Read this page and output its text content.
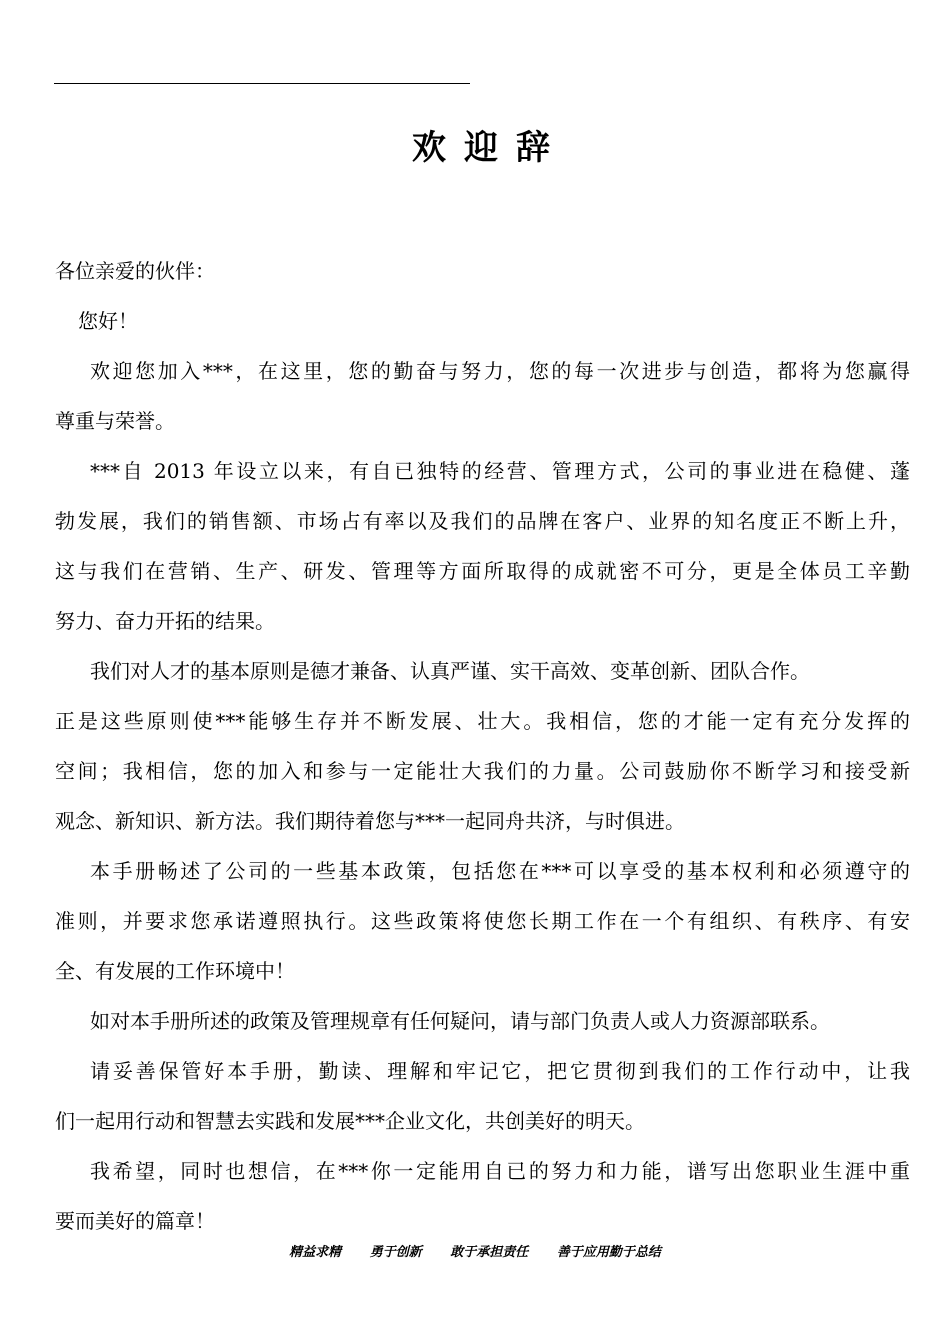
欢迎辞
各位亲爱的伙伴：
您好！
欢迎您加入***，在这里，您的勤奋与努力，您的每一次进步与创造，都将为您赢得
尊重与荣誉。
***自 2013 年设立以来，有自已独特的经营、管理方式，公司的事业进在稳健、蓬
勃发展，我们的销售额、市场占有率以及我们的品牌在客户、业界的知名度正不断上升，
这与我们在营销、生产、研发、管理等方面所取得的成就密不可分，更是全体员工辛勤
努力、奋力开拓的结果。
我们对人才的基本原则是德才兼备、认真严谨、实干高效、变革创新、团队合作。
正是这些原则使***能够生存并不断发展、壮大。我相信，您的才能一定有充分发挥的
空间；我相信，您的加入和参与一定能壮大我们的力量。公司鼓励你不断学习和接受新
观念、新知识、新方法。我们期待着您与***一起同舟共济，与时俱进。
本手册畅述了公司的一些基本政策，包括您在***可以享受的基本权利和必须遵守的
准则，并要求您承诺遵照执行。这些政策将使您长期工作在一个有组织、有秩序、有安
全、有发展的工作环境中！
如对本手册所述的政策及管理规章有任何疑问，请与部门负责人或人力资源部联系。
请妥善保管好本手册，勤读、理解和牢记它，把它贯彻到我们的工作行动中，让我
们一起用行动和智慧去实践和发展***企业文化，共创美好的明天。
我希望，同时也想信，在***你一定能用自已的努力和力能，谱写出您职业生涯中重
要而美好的篇章！
精益求精 勇于创新 敢于承担责任 善于应用勤于总结
